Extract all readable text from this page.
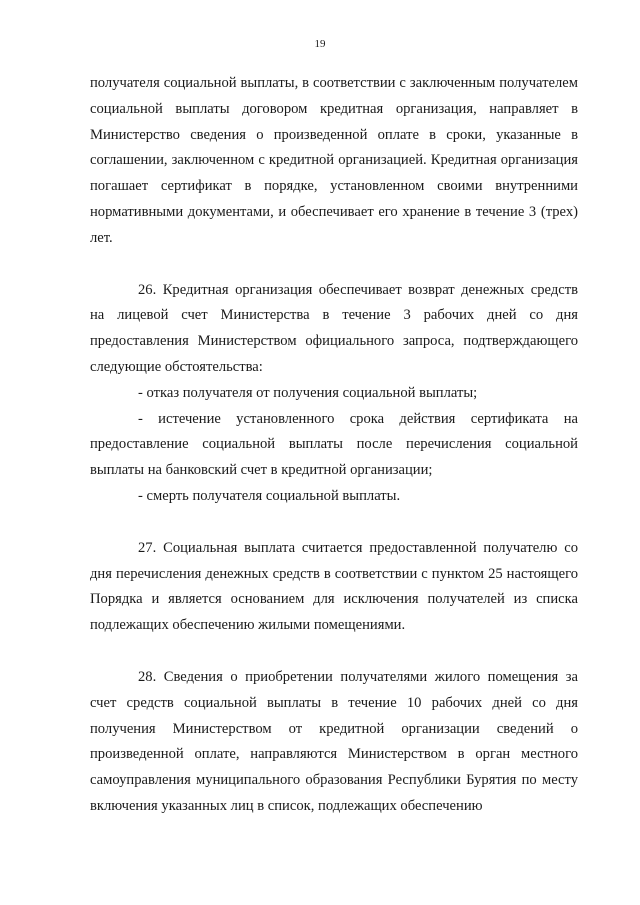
19

получателя социальной выплаты, в соответствии с заключенным получателем социальной выплаты договором кредитная организация, направляет в Министерство сведения о произведенной оплате в сроки, указанные в соглашении, заключенном с кредитной организацией. Кредитная организация погашает сертификат в порядке, установленном своими внутренними нормативными документами, и обеспечивает его хранение в течение 3 (трех) лет.

26. Кредитная организация обеспечивает возврат денежных средств на лицевой счет Министерства в течение 3 рабочих дней со дня предоставления Министерством официального запроса, подтверждающего следующие обстоятельства:

- отказ получателя от получения социальной выплаты;

- истечение установленного срока действия сертификата на предоставление социальной выплаты после перечисления социальной выплаты на банковский счет в кредитной организации;

- смерть получателя социальной выплаты.

27. Социальная выплата считается предоставленной получателю со дня перечисления денежных средств в соответствии с пунктом 25 настоящего Порядка и является основанием для исключения получателей из списка подлежащих обеспечению жилыми помещениями.

28. Сведения о приобретении получателями жилого помещения за счет средств социальной выплаты в течение 10 рабочих дней со дня получения Министерством от кредитной организации сведений о произведенной оплате, направляются Министерством в орган местного самоуправления муниципального образования Республики Бурятия по месту включения указанных лиц в список, подлежащих обеспечению
